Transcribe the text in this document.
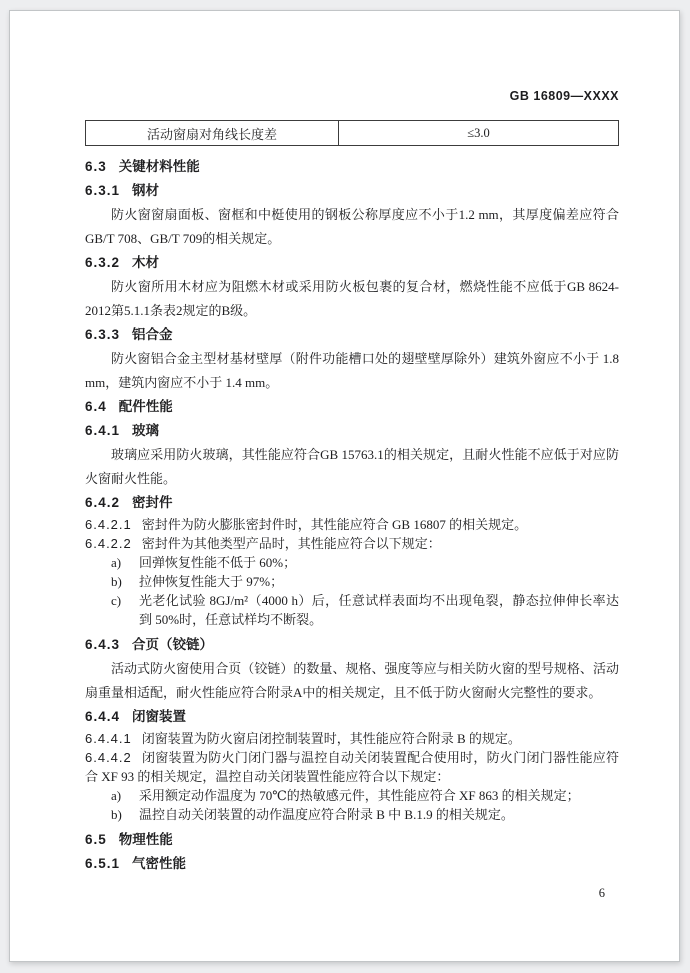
GB 16809—XXXX
活动窗扇对角线长度差	≤3.0
6.3 关键材料性能
6.3.1 钢材

防火窗窗扇面板、窗框和中梃使用的钢板公称厚度应不小于1.2 mm，其厚度偏差应符合GB/T 708、GB/T 709的相关规定。

6.3.2 木材

防火窗所用木材应为阻燃木材或采用防火板包裹的复合材，燃烧性能不应低于GB 8624-2012第5.1.1条表2规定的B级。

6.3.3 铝合金

防火窗铝合金主型材基材壁厚（附件功能槽口处的翅壁壁厚除外）建筑外窗应不小于 1.8 mm，建筑内窗应不小于 1.4 mm。

6.4 配件性能
6.4.1 玻璃

玻璃应采用防火玻璃，其性能应符合GB 15763.1的相关规定，且耐火性能不应低于对应防火窗耐火性能。

6.4.2 密封件

6.4.2.1 密封件为防火膨胀密封件时，其性能应符合 GB 16807 的相关规定。

6.4.2.2 密封件为其他类型产品时，其性能应符合以下规定：

a) 回弹恢复性能不低于 60%；
b) 拉伸恢复性能大于 97%；
c) 光老化试验 8GJ/m²（4000 h）后，任意试样表面均不出现龟裂，静态拉伸伸长率达到 50%时，任意试样均不断裂。
6.4.3 合页（铰链）

活动式防火窗使用合页（铰链）的数量、规格、强度等应与相关防火窗的型号规格、活动扇重量相适配，耐火性能应符合附录A中的相关规定，且不低于防火窗耐火完整性的要求。

6.4.4 闭窗装置

6.4.4.1 闭窗装置为防火窗启闭控制装置时，其性能应符合附录 B 的规定。

6.4.4.2 闭窗装置为防火门闭门器与温控自动关闭装置配合使用时，防火门闭门器性能应符合 XF 93 的相关规定，温控自动关闭装置性能应符合以下规定：

a) 采用额定动作温度为 70℃的热敏感元件，其性能应符合 XF 863 的相关规定；
b) 温控自动关闭装置的动作温度应符合附录 B 中 B.1.9 的相关规定。
6.5 物理性能
6.5.1 气密性能
6
